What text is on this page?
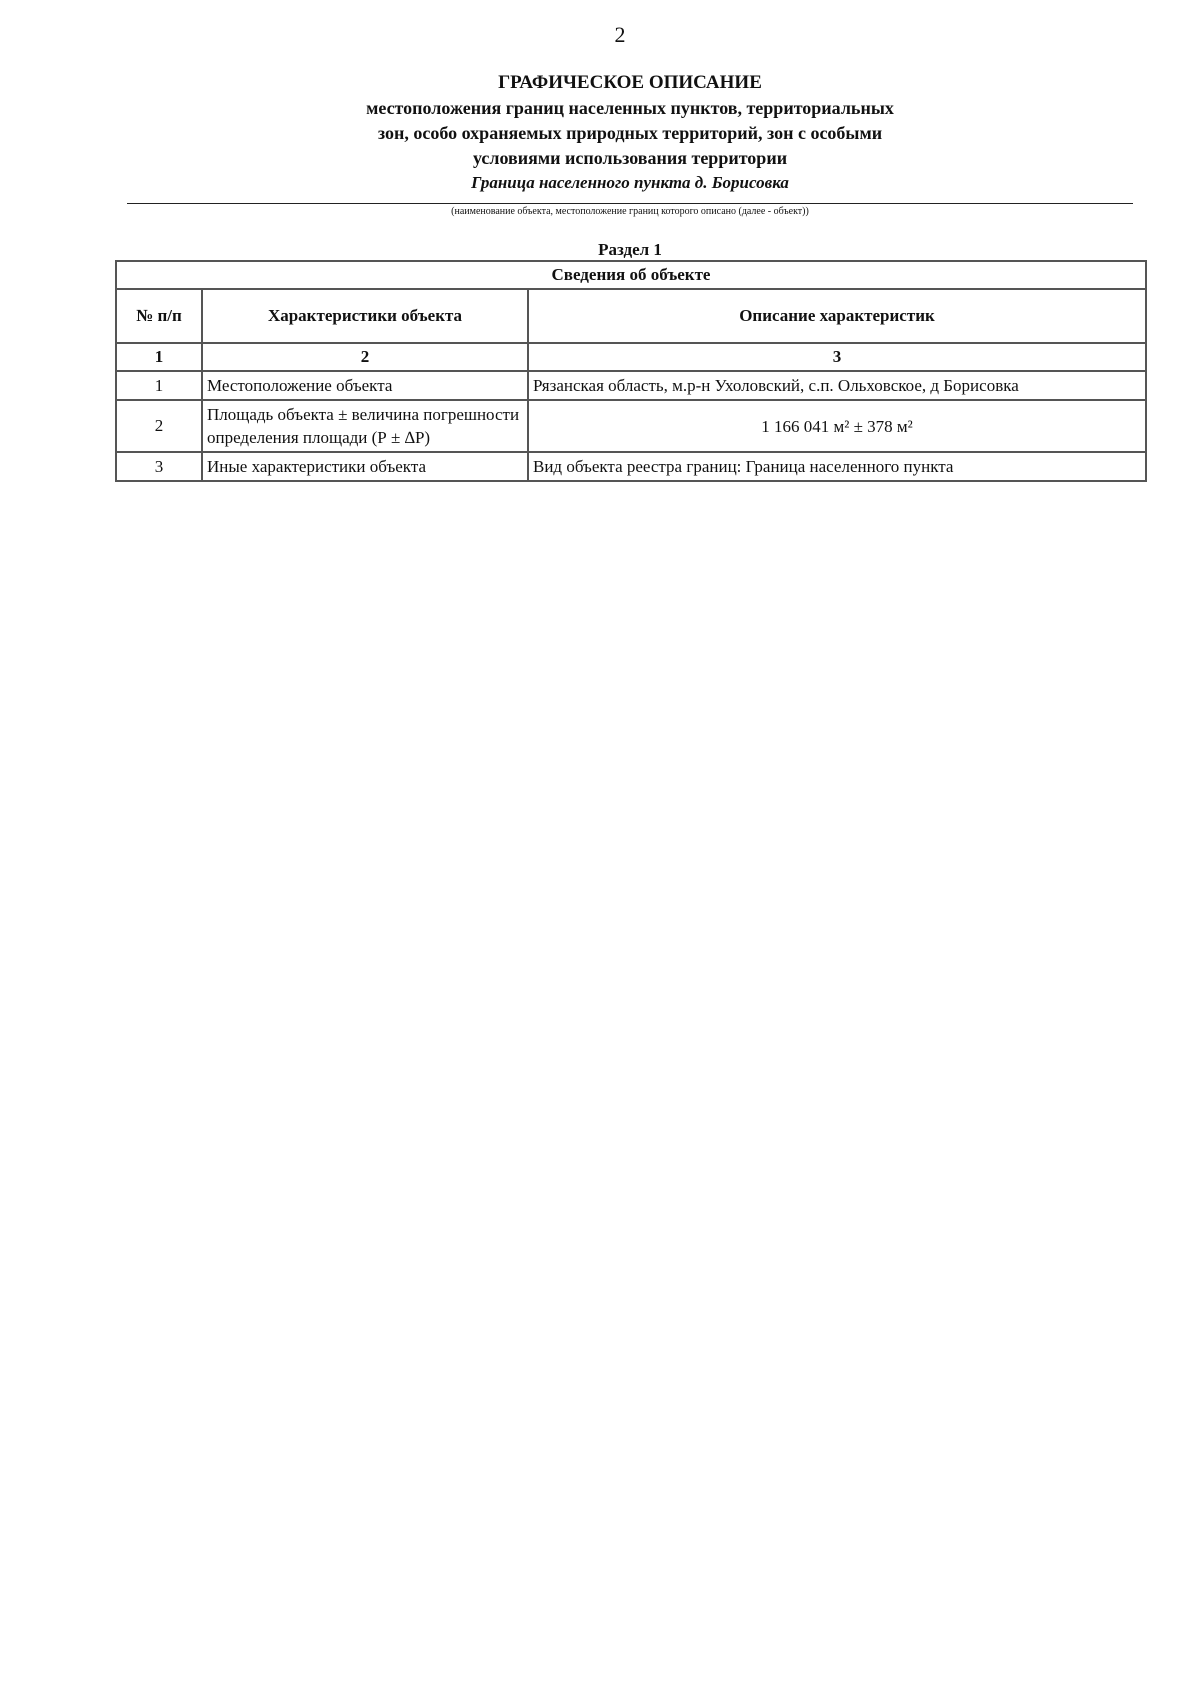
2
ГРАФИЧЕСКОЕ ОПИСАНИЕ
местоположения границ населенных пунктов, территориальных
зон, особо охраняемых природных территорий, зон с особыми
условиями использования территории
Граница населенного пункта д. Борисовка
(наименование объекта, местоположение границ которого описано (далее - объект))
Раздел 1
Сведения об объекте		
№ п/п	Характеристики объекта	Описание характеристик
1	2	3
1	Местоположение объекта	Рязанская область, м.р-н Ухоловский, с.п. Ольховское, д Борисовка
2	Площадь объекта ± величина погрешности определения площади (Р ± ∆Р)	1 166 041 м² ± 378 м²
3	Иные характеристики объекта	Вид объекта реестра границ: Граница населенного пункта
